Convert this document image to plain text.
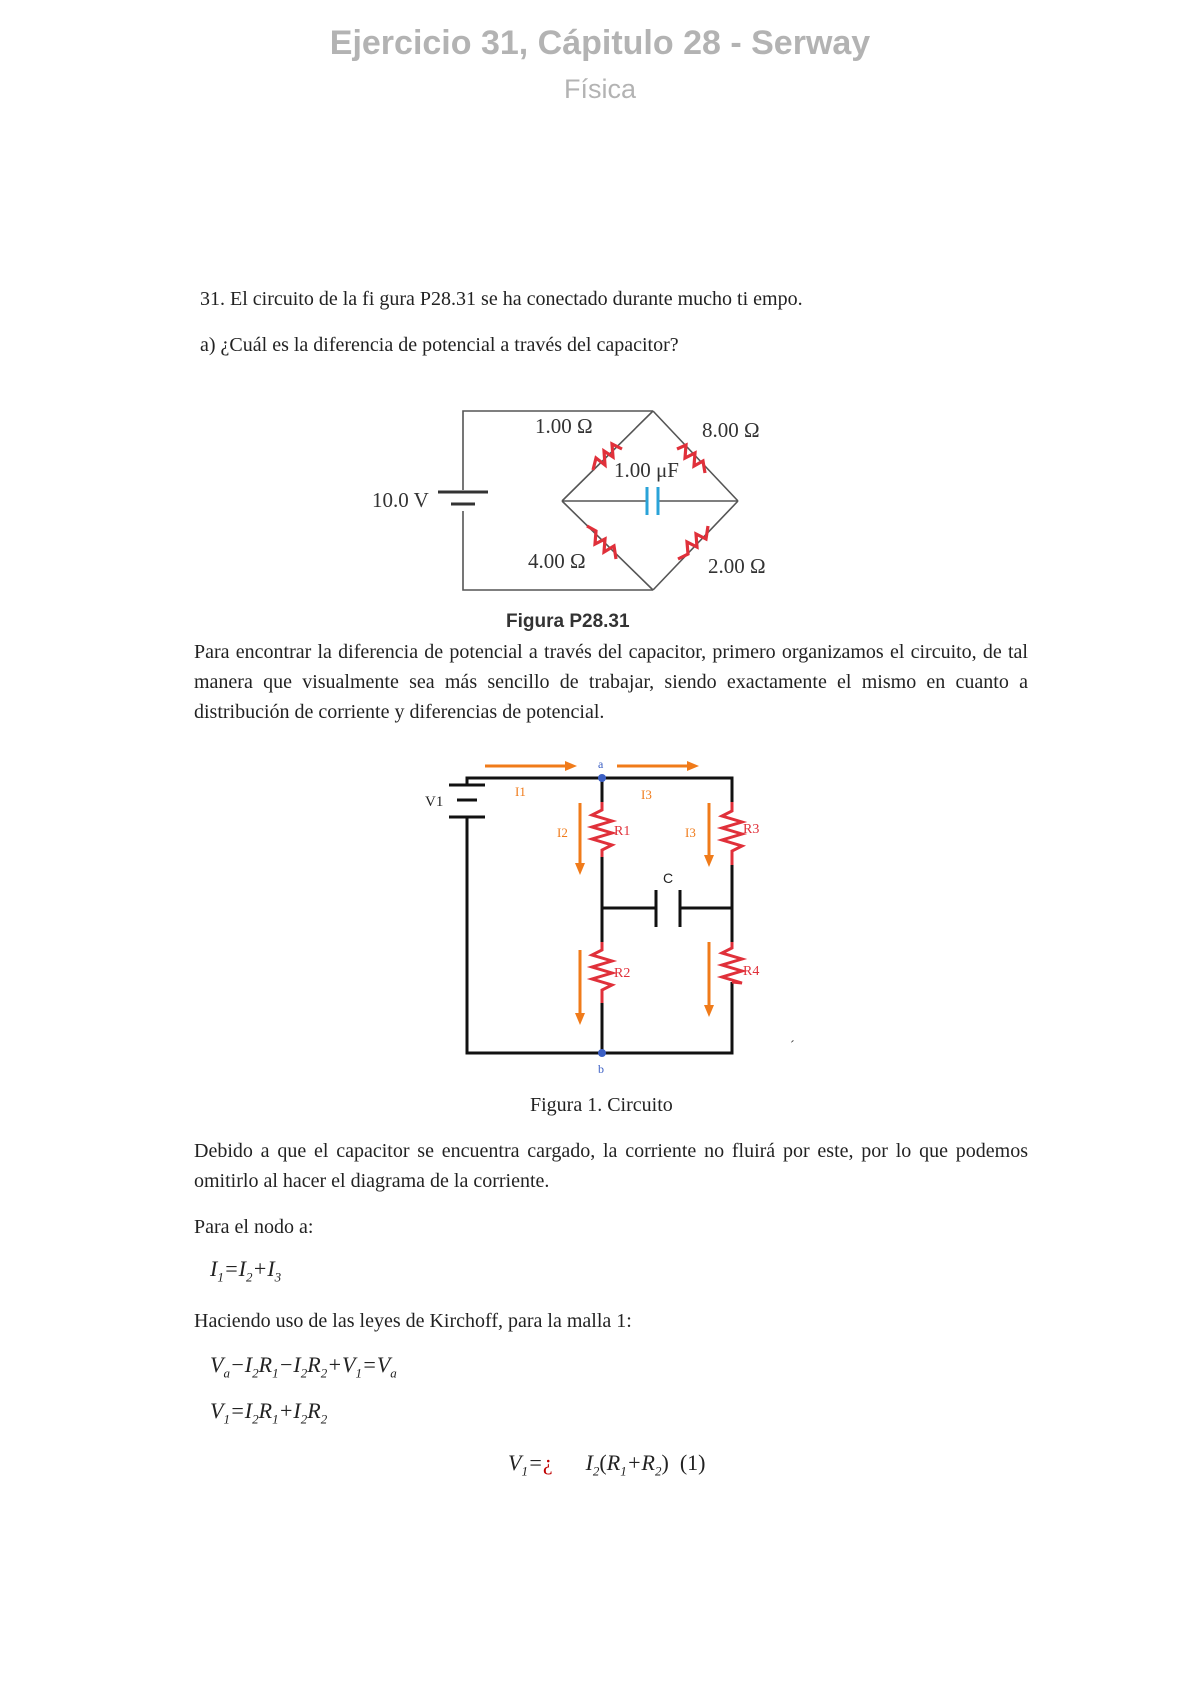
Ejercicio 31, Cápitulo 28 - Serway
Física
31. El circuito de la fi gura P28.31 se ha conectado durante mucho ti empo.
a) ¿Cuál es la diferencia de potencial a través del capacitor?
10.0 V
1.00 Ω	8.00 Ω
1.00 μF
4.00 Ω	2.00 Ω
Figura P28.31
Para encontrar la diferencia de potencial a través del capacitor, primero organizamos el circuito, de tal manera que visualmente sea más sencillo de trabajar, siendo exactamente el mismo en cuanto a distribución de corriente y diferencias de potencial.
a
b
V1
I1	I3
I2	I3
R1
R2
R3
R4
C
´
Figura 1. Circuito
Debido a que el capacitor se encuentra cargado, la corriente no fluirá por este, por lo que podemos omitirlo al hacer el diagrama de la corriente.
Para el nodo a:
$I_1=I_2+I_3$
Haciendo uso de las leyes de Kirchoff, para la malla 1:
$V_a-I_2R_1-I_2R_2+V_1=V_a$
$V_1=I_2R_1+I_2R_2$
$V_1=¿$      $I_2(R_1+R_2)$ (1)
